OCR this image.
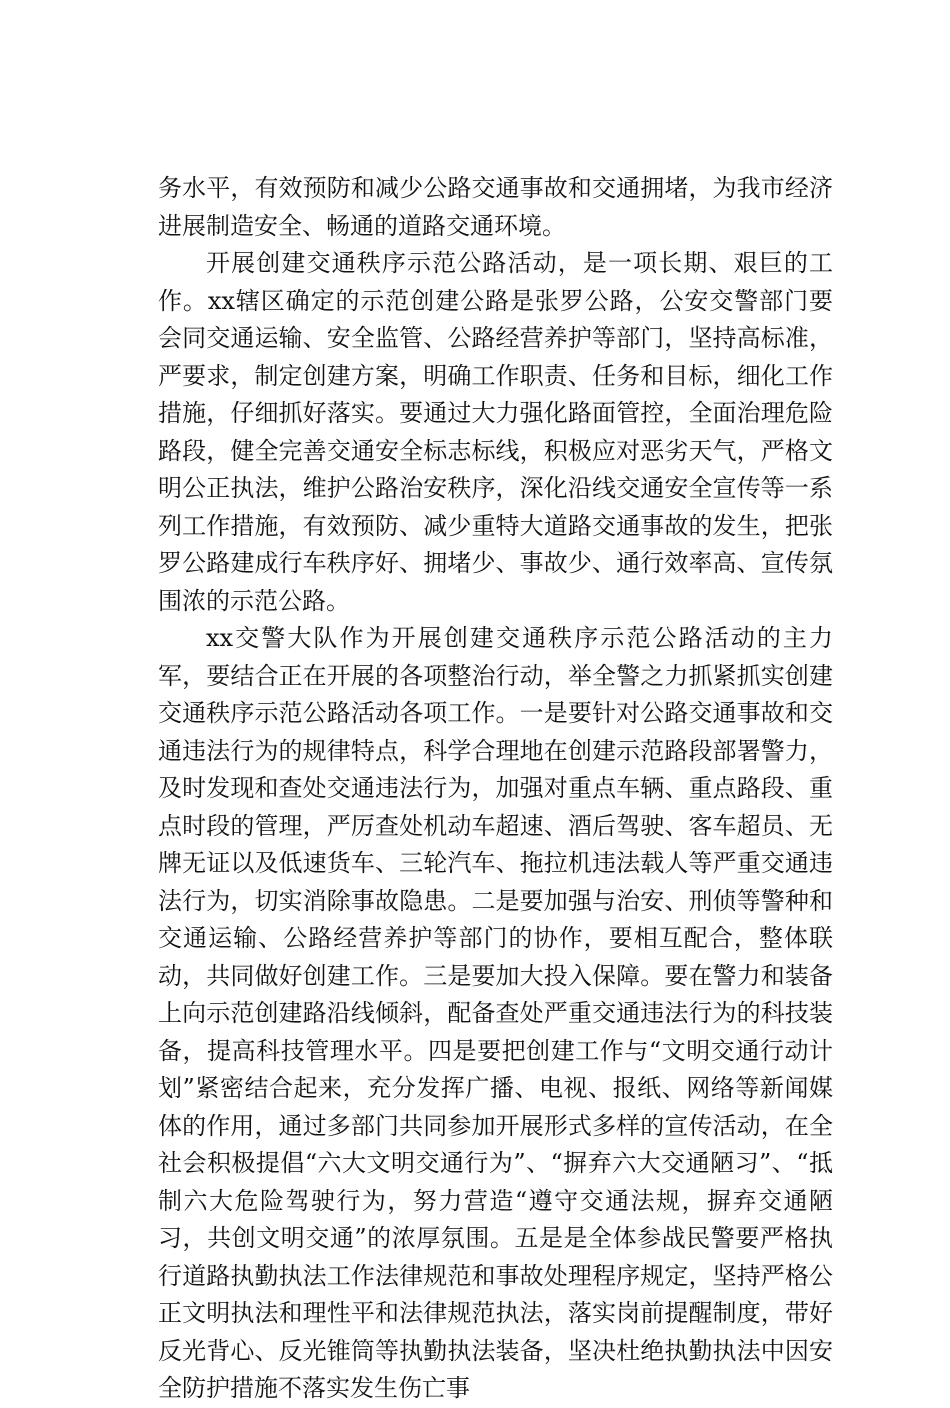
务水平，有效预防和减少公路交通事故和交通拥堵，为我市经济进展制造安全、畅通的道路交通环境。

开展创建交通秩序示范公路活动，是一项长期、艰巨的工作。xx辖区确定的示范创建公路是张罗公路，公安交警部门要会同交通运输、安全监管、公路经营养护等部门，坚持高标准，严要求，制定创建方案，明确工作职责、任务和目标，细化工作措施，仔细抓好落实。要通过大力强化路面管控，全面治理危险路段，健全完善交通安全标志标线，积极应对恶劣天气，严格文明公正执法，维护公路治安秩序，深化沿线交通安全宣传等一系列工作措施，有效预防、减少重特大道路交通事故的发生，把张罗公路建成行车秩序好、拥堵少、事故少、通行效率高、宣传氛围浓的示范公路。

xx交警大队作为开展创建交通秩序示范公路活动的主力军，要结合正在开展的各项整治行动，举全警之力抓紧抓实创建交通秩序示范公路活动各项工作。一是要针对公路交通事故和交通违法行为的规律特点，科学合理地在创建示范路段部署警力，及时发现和查处交通违法行为，加强对重点车辆、重点路段、重点时段的管理，严厉查处机动车超速、酒后驾驶、客车超员、无牌无证以及低速货车、三轮汽车、拖拉机违法载人等严重交通违法行为，切实消除事故隐患。二是要加强与治安、刑侦等警种和交通运输、公路经营养护等部门的协作，要相互配合，整体联动，共同做好创建工作。三是要加大投入保障。要在警力和装备上向示范创建路沿线倾斜，配备查处严重交通违法行为的科技装备，提高科技管理水平。四是要把创建工作与“文明交通行动计划”紧密结合起来，充分发挥广播、电视、报纸、网络等新闻媒体的作用，通过多部门共同参加开展形式多样的宣传活动，在全社会积极提倡“六大文明交通行为”、“摒弃六大交通陋习”、“抵制六大危险驾驶行为，努力营造“遵守交通法规，摒弃交通陋习，共创文明交通”的浓厚氛围。五是是全体参战民警要严格执行道路执勤执法工作法律规范和事故处理程序规定，坚持严格公正文明执法和理性平和法律规范执法，落实岗前提醒制度，带好反光背心、反光锥筒等执勤执法装备，坚决杜绝执勤执法中因安全防护措施不落实发生伤亡事
